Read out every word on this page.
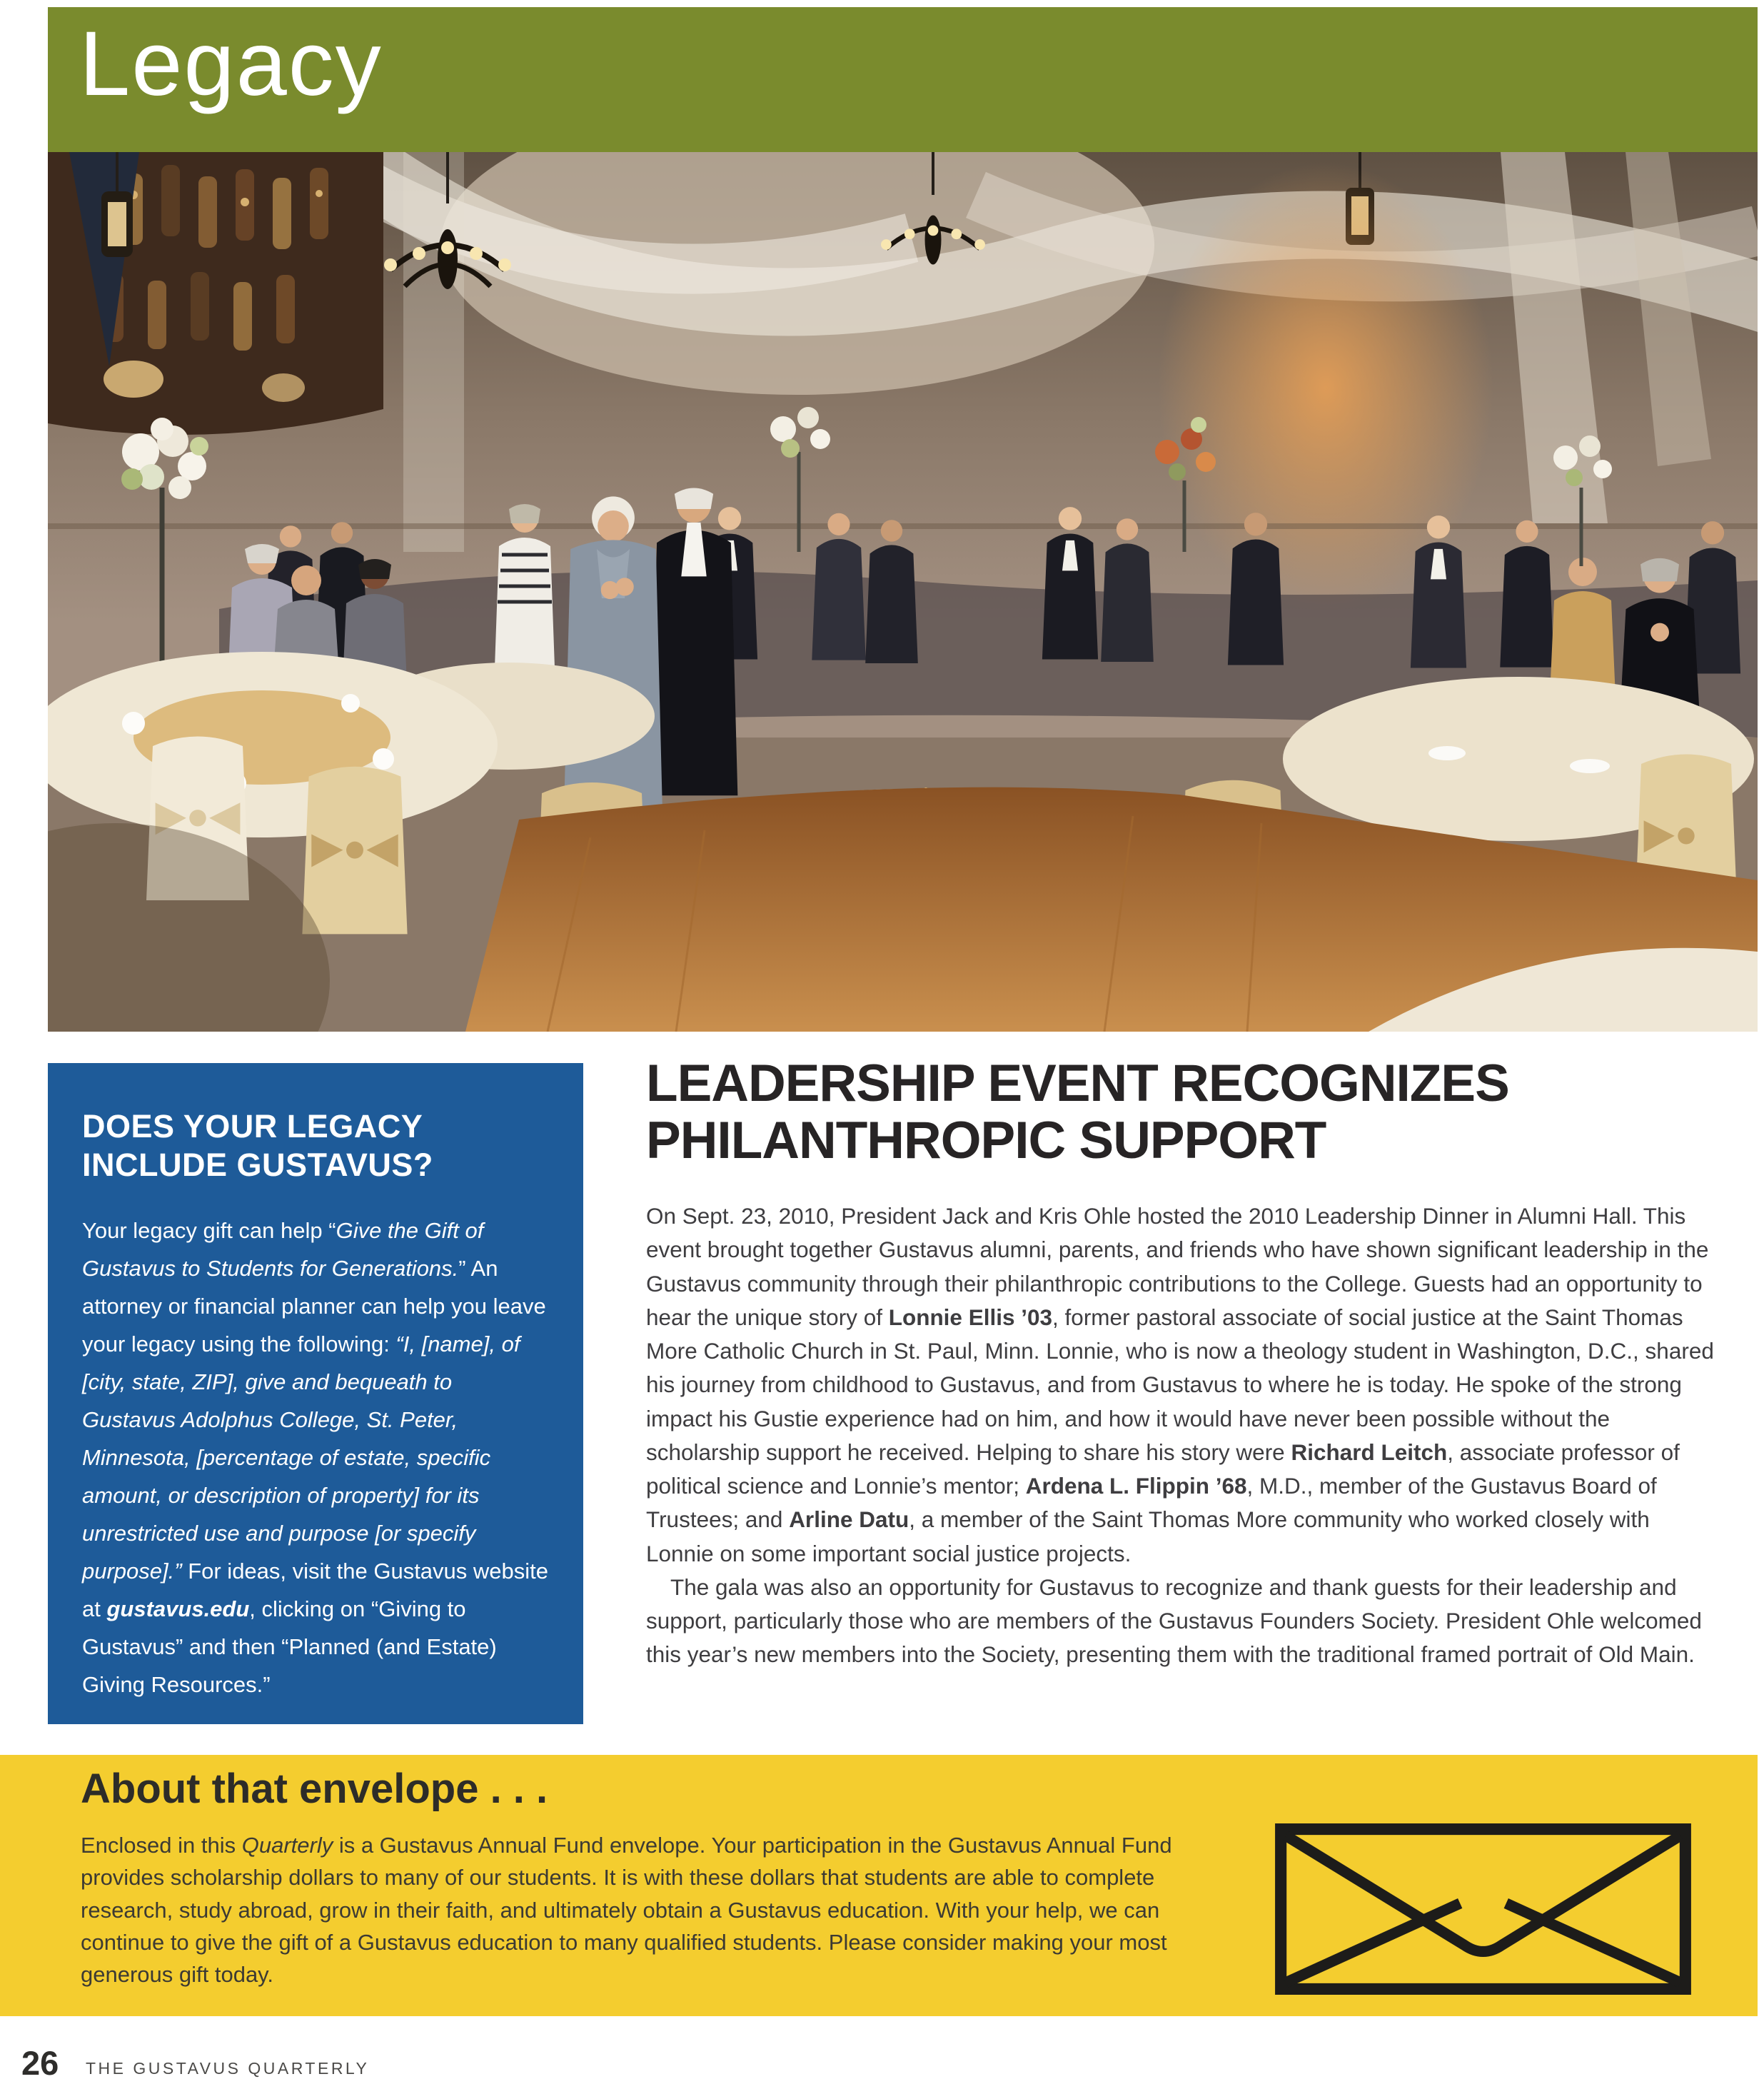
Legacy
DOES YOUR LEGACY
INCLUDE GUSTAVUS?

Your legacy gift can help “Give the Gift of Gustavus to Students for Generations.” An attorney or financial planner can help you leave your legacy using the following: “I, [name], of [city, state, ZIP], give and bequeath to Gustavus Adolphus College, St. Peter, Minnesota, [percentage of estate, specific amount, or description of property] for its unrestricted use and purpose [or specify purpose].” For ideas, visit the Gustavus website at gustavus.edu, clicking on “Giving to Gustavus” and then “Planned (and Estate) Giving Resources.”

LEADERSHIP EVENT RECOGNIZES
PHILANTHROPIC SUPPORT

On Sept. 23, 2010, President Jack and Kris Ohle hosted the 2010 Leadership Dinner in Alumni Hall. This event brought together Gustavus alumni, parents, and friends who have shown significant leadership in the Gustavus community through their philanthropic contributions to the College. Guests had an opportunity to hear the unique story of Lonnie Ellis ’03, former pastoral associate of social justice at the Saint Thomas More Catholic Church in St. Paul, Minn. Lonnie, who is now a theology student in Washington, D.C., shared his journey from childhood to Gustavus, and from Gustavus to where he is today. He spoke of the strong impact his Gustie experience had on him, and how it would have never been possible without the scholarship support he received. Helping to share his story were Richard Leitch, associate professor of political science and Lonnie’s mentor; Ardena L. Flippin ’68, M.D., member of the Gustavus Board of Trustees; and Arline Datu, a member of the Saint Thomas More community who worked closely with Lonnie on some important social justice projects.

The gala was also an opportunity for Gustavus to recognize and thank guests for their leadership and support, particularly those who are members of the Gustavus Founders Society. President Ohle welcomed this year’s new members into the Society, presenting them with the traditional framed portrait of Old Main.

About that envelope . . .
Enclosed in this Quarterly is a Gustavus Annual Fund envelope. Your participation in the Gustavus Annual Fund provides scholarship dollars to many of our students. It is with these dollars that students are able to complete research, study abroad, grow in their faith, and ultimately obtain a Gustavus education. With your help, we can continue to give the gift of a Gustavus education to many qualified students. Please consider making your most generous gift today.
26 THE GUSTAVUS QUARTERLY
